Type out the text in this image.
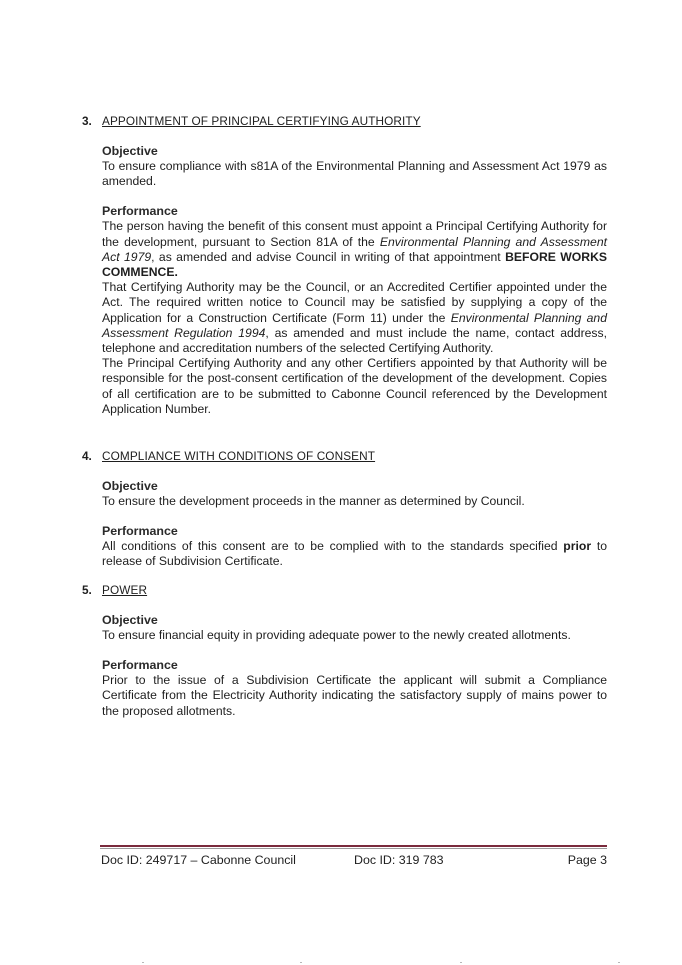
3. APPOINTMENT OF PRINCIPAL CERTIFYING AUTHORITY
Objective
To ensure compliance with s81A of the Environmental Planning and Assessment Act 1979 as amended.
Performance
The person having the benefit of this consent must appoint a Principal Certifying Authority for the development, pursuant to Section 81A of the Environmental Planning and Assessment Act 1979, as amended and advise Council in writing of that appointment BEFORE WORKS COMMENCE.
That Certifying Authority may be the Council, or an Accredited Certifier appointed under the Act. The required written notice to Council may be satisfied by supplying a copy of the Application for a Construction Certificate (Form 11) under the Environmental Planning and Assessment Regulation 1994, as amended and must include the name, contact address, telephone and accreditation numbers of the selected Certifying Authority.
The Principal Certifying Authority and any other Certifiers appointed by that Authority will be responsible for the post-consent certification of the development of the development. Copies of all certification are to be submitted to Cabonne Council referenced by the Development Application Number.
4. COMPLIANCE WITH CONDITIONS OF CONSENT
Objective
To ensure the development proceeds in the manner as determined by Council.
Performance
All conditions of this consent are to be complied with to the standards specified prior to release of Subdivision Certificate.
5. POWER
Objective
To ensure financial equity in providing adequate power to the newly created allotments.
Performance
Prior to the issue of a Subdivision Certificate the applicant will submit a Compliance Certificate from the Electricity Authority indicating the satisfactory supply of mains power to the proposed allotments.
Doc ID: 249717 – Cabonne Council	Doc ID: 319 783	Page 3
